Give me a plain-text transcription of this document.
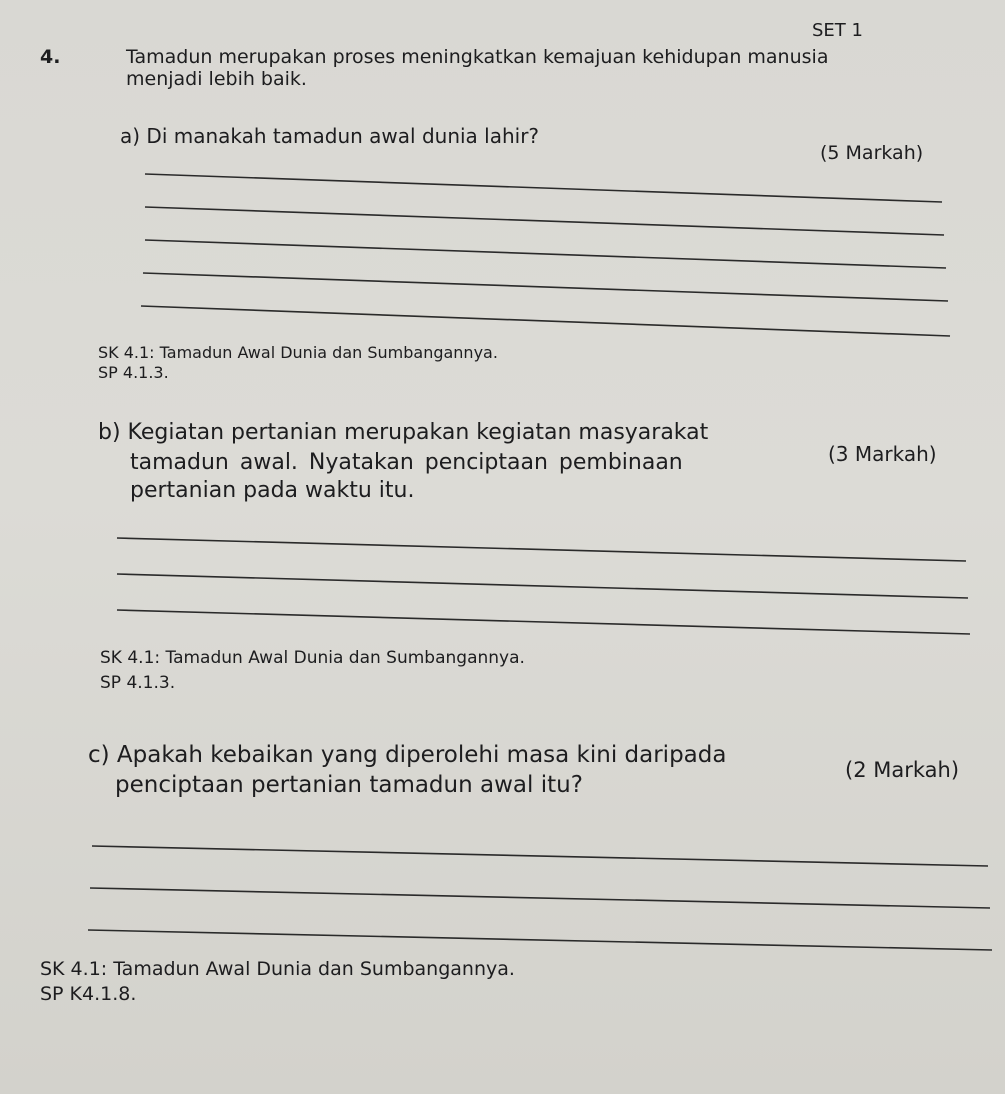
SET 1
4.	Tamadun merupakan proses meningkatkan kemajuan kehidupan manusia
menjadi lebih baik.
a) Di manakah tamadun awal dunia lahir?
(5 Markah)
SK 4.1: Tamadun Awal Dunia dan Sumbangannya.
SP 4.1.3.
b) Kegiatan pertanian merupakan kegiatan masyarakat
tamadun awal. Nyatakan penciptaan pembinaan
pertanian pada waktu itu.
(3 Markah)
SK 4.1: Tamadun Awal Dunia dan Sumbangannya.
SP 4.1.3.
c) Apakah kebaikan yang diperolehi masa kini daripada
penciptaan pertanian tamadun awal itu?
(2 Markah)
SK 4.1: Tamadun Awal Dunia dan Sumbangannya.
SP K4.1.8.
